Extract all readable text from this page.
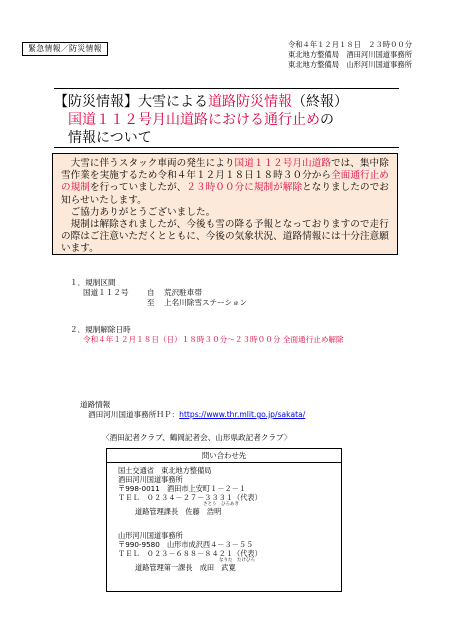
緊急情報／防災情報	令和４年１２月１８日　２３時００分
東北地方整備局　酒田河川国道事務所
東北地方整備局　山形河川国道事務所
【防災情報】大雪による道路防災情報（終報）
国道１１２号月山道路における通行止めの
情報について

大雪に伴うスタック車両の発生により国道１１２号月山道路では、集中除雪作業を実施するため令和４年１２月１８日１８時３０分から全面通行止めの規制を行っていましたが、２３時００分に規制が解除となりましたのでお知らせいたします。

ご協力ありがとうございました。

規制は解除されましたが、今後も雪の降る予報となっておりますので走行の際はご注意いただくとともに、今後の気象状況、道路情報には十分注意願います。

１．規制区間
国道１１２号 自 荒沢駐車帯
至 上名川除雪ステーション
２．規制解除日時
令和４年１２月１８日（日）１８時３０分～２３時００分 全面通行止め解除
道路情報
酒田河川国道事務所ＨＰ：https://www.thr.mlit.go.jp/sakata/
〈酒田記者クラブ、鶴岡記者会、山形県政記者クラブ〉
問い合わせ先
国土交通省　東北地方整備局
酒田河川国道事務所
〒998-0011　酒田市上安町１－２－１
ＴＥＬ　０２３４－２７－３３３１（代表）
さとう　ひろあき
道路管理課長　佐藤　浩明
山形河川国道事務所
〒990-9580　山形市成沢西４－３－５５
ＴＥＬ　０２３－６８８－８４２１（代表）
なりた　たけひろ
道路管理第一課長　成田　武寛
